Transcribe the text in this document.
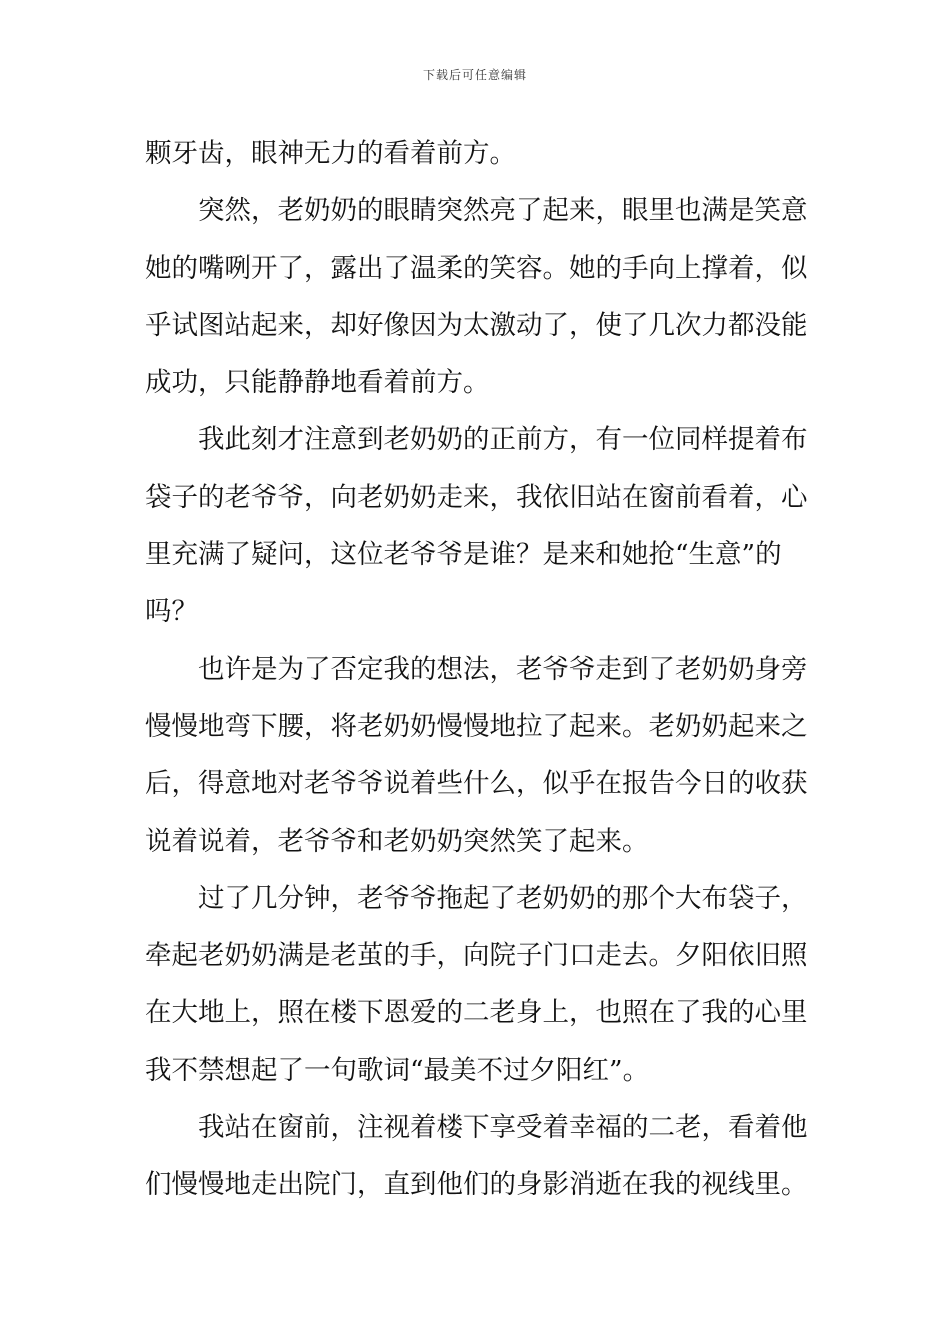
下载后可任意编辑
颗牙齿，眼神无力的看着前方。
突然，老奶奶的眼睛突然亮了起来，眼里也满是笑意
她的嘴咧开了，露出了温柔的笑容。她的手向上撑着，似
乎试图站起来，却好像因为太激动了，使了几次力都没能
成功，只能静静地看着前方。
我此刻才注意到老奶奶的正前方，有一位同样提着布
袋子的老爷爷，向老奶奶走来，我依旧站在窗前看着，心
里充满了疑问，这位老爷爷是谁？是来和她抢“生意”的
吗？
也许是为了否定我的想法，老爷爷走到了老奶奶身旁
慢慢地弯下腰，将老奶奶慢慢地拉了起来。老奶奶起来之
后，得意地对老爷爷说着些什么，似乎在报告今日的收获
说着说着，老爷爷和老奶奶突然笑了起来。
过了几分钟，老爷爷拖起了老奶奶的那个大布袋子，
牵起老奶奶满是老茧的手，向院子门口走去。夕阳依旧照
在大地上，照在楼下恩爱的二老身上，也照在了我的心里
我不禁想起了一句歌词“最美不过夕阳红”。
我站在窗前，注视着楼下享受着幸福的二老，看着他
们慢慢地走出院门，直到他们的身影消逝在我的视线里。
